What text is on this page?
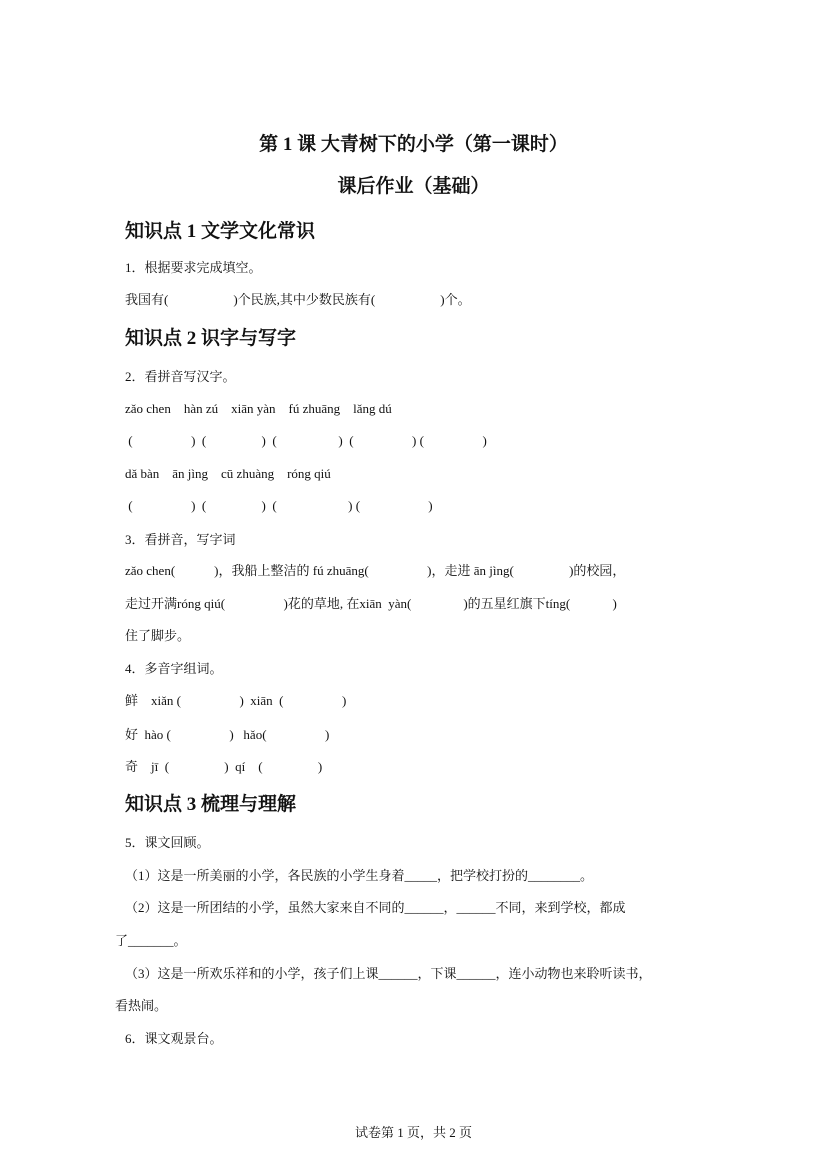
第 1 课 大青树下的小学（第一课时）
课后作业（基础）
知识点 1 文学文化常识
1．根据要求完成填空。
我国有(                    )个民族,其中少数民族有(                    )个。
知识点 2 识字与写字
2．看拼音写汉字。
zǎo chen    hàn zú    xiān yàn    fú zhuāng    lǎng dú
(                  )  (                 )  (                   )  (                  ) (                  )
dǎ bàn    ān jìng    cū zhuàng    róng qiú
(                  )  (                 )  (                      ) (                     )
3．看拼音，写字词
zǎo chen(            )，我船上整洁的 fú zhuāng(                  )，走进 ān jìng(                 )的校园，
走过开满róng qiú(                  )花的草地, 在xiān  yàn(                )的五星红旗下tíng(             )
住了脚步。
4．多音字组词。
鲜    xiǎn (                  )  xiān  (                  )
好  hào (                  )   hǎo(                  )
奇    jī  (                 )  qí    (                 )
知识点 3 梳理与理解
5．课文回顾。
（1）这是一所美丽的小学，各民族的小学生身着_____，把学校打扮的________。
（2）这是一所团结的小学，虽然大家来自不同的______，______不同，来到学校，都成
了_______。
（3）这是一所欢乐祥和的小学，孩子们上课______，下课______，连小动物也来聆听读书，
看热闹。
6．课文观景台。
试卷第 1 页，共 2 页
